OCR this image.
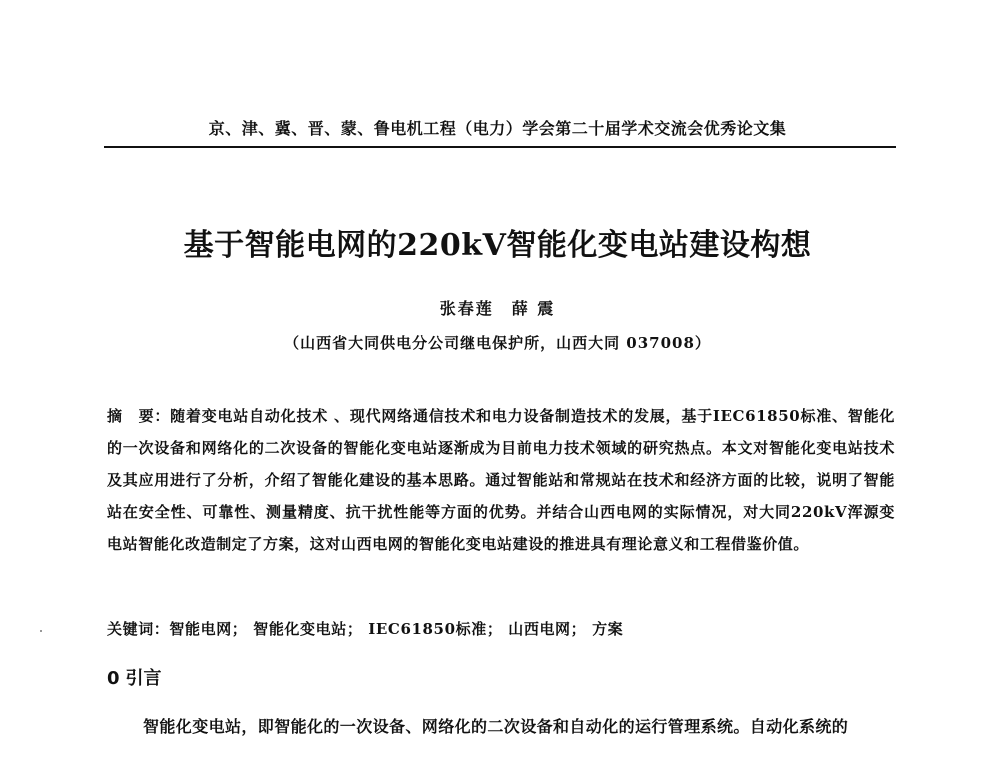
京、津、冀、晋、蒙、鲁电机工程（电力）学会第二十届学术交流会优秀论文集
基于智能电网的220kV智能化变电站建设构想
张春莲　薛 震
（山西省大同供电分公司继电保护所，山西大同 037008）
摘　要：随着变电站自动化技术 、现代网络通信技术和电力设备制造技术的发展，基于IEC61850标准、智能化的一次设备和网络化的二次设备的智能化变电站逐渐成为目前电力技术领域的研究热点。本文对智能化变电站技术及其应用进行了分析，介绍了智能化建设的基本思路。通过智能站和常规站在技术和经济方面的比较，说明了智能站在安全性、可靠性、测量精度、抗干扰性能等方面的优势。并结合山西电网的实际情况，对大同220kV浑源变电站智能化改造制定了方案，这对山西电网的智能化变电站建设的推进具有理论意义和工程借鉴价值。
关键词：智能电网； 智能化变电站； IEC61850标准； 山西电网； 方案
0 引言
智能化变电站，即智能化的一次设备、网络化的二次设备和自动化的运行管理系统。自动化系统的
